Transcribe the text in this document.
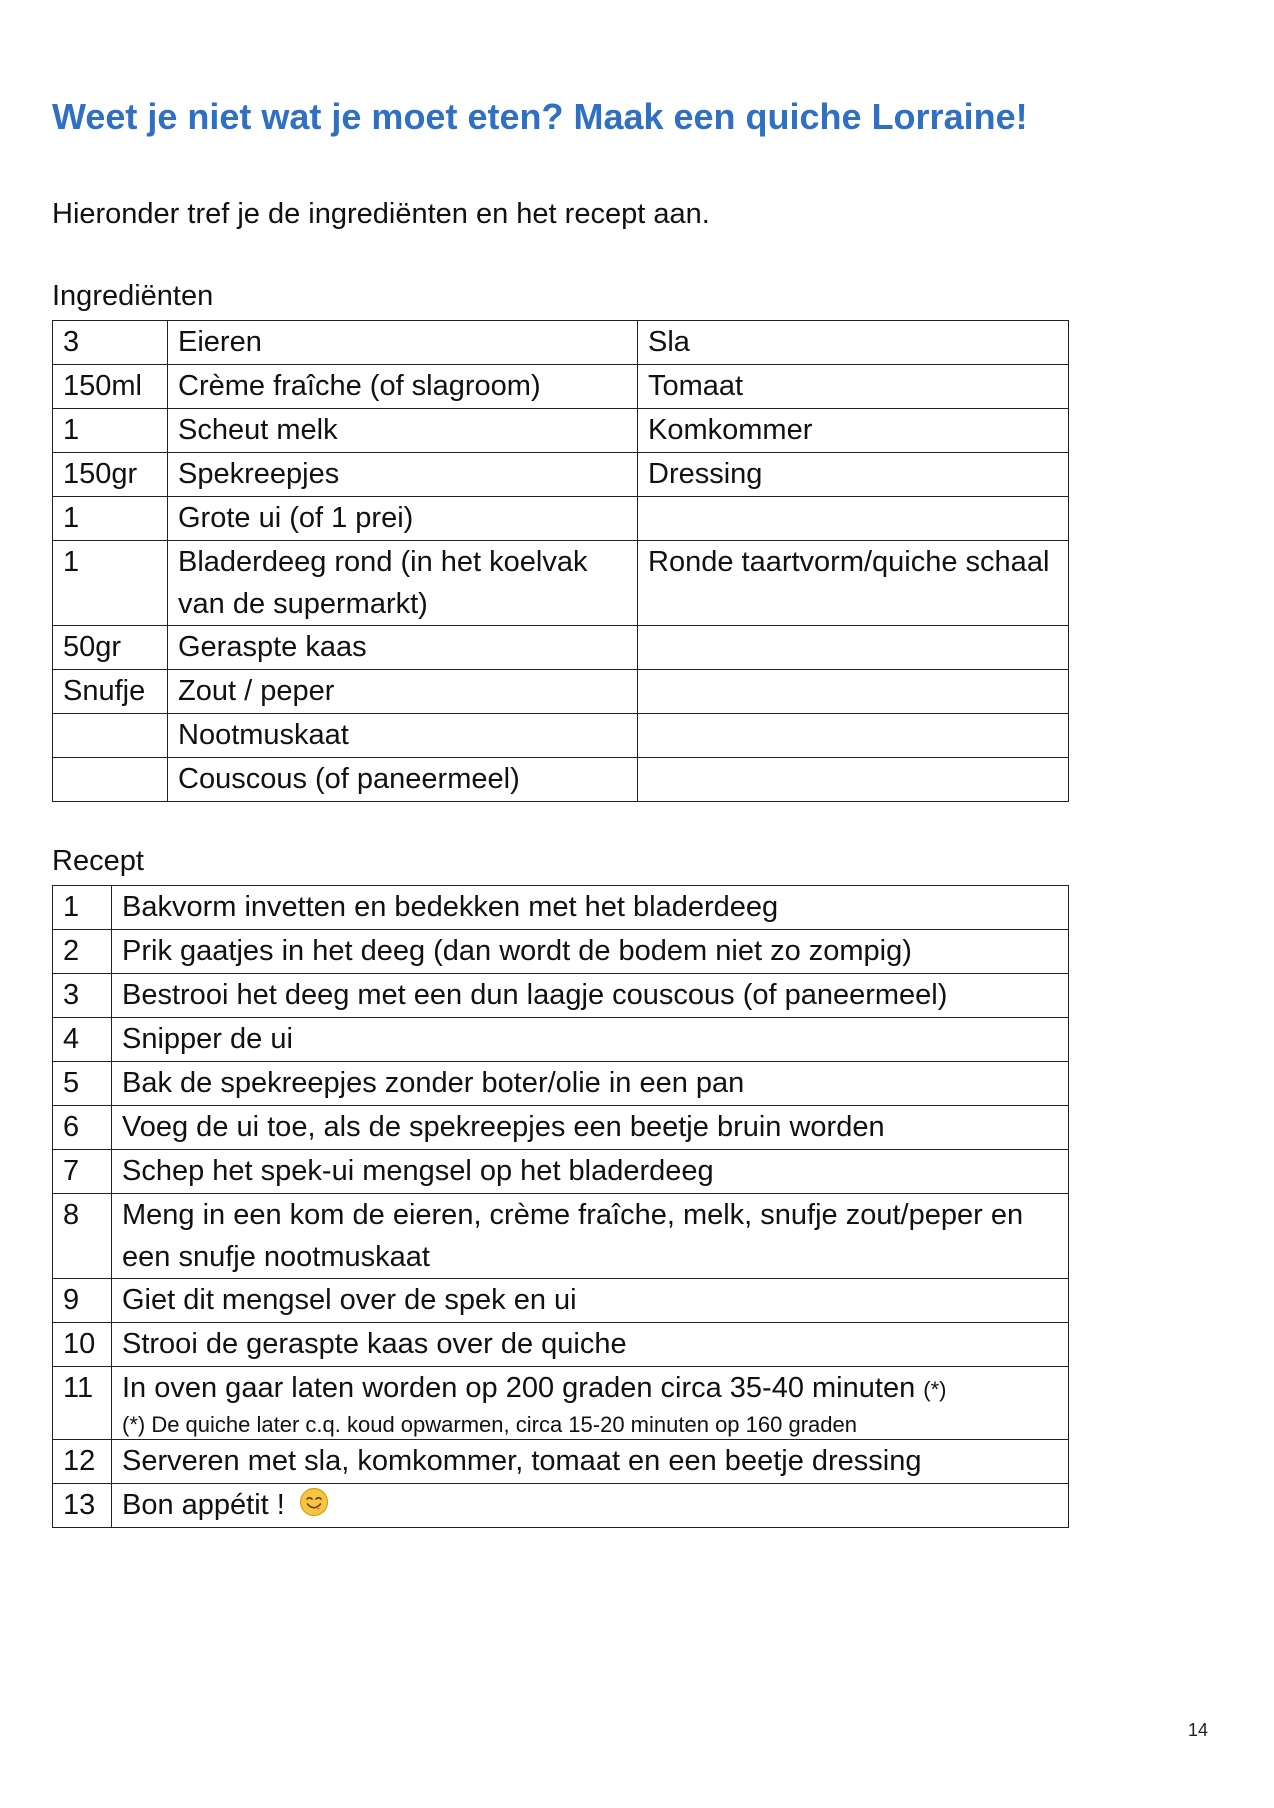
Weet je niet wat je moet eten? Maak een quiche Lorraine!

Hieronder tref je de ingrediënten en het recept aan.

Ingrediënten

3	Eieren	Sla
150ml	Crème fraîche (of slagroom)	Tomaat
1	Scheut melk	Komkommer
150gr	Spekreepjes	Dressing
1	Grote ui (of 1 prei)	
1	Bladerdeeg rond (in het koelvak van de supermarkt)	Ronde taartvorm/quiche schaal
50gr	Geraspte kaas	
Snufje	Zout / peper	
	Nootmuskaat	
	Couscous (of paneermeel)	

Recept

1	Bakvorm invetten en bedekken met het bladerdeeg
2	Prik gaatjes in het deeg (dan wordt de bodem niet zo zompig)
3	Bestrooi het deeg met een dun laagje couscous (of paneermeel)
4	Snipper de ui
5	Bak de spekreepjes zonder boter/olie in een pan
6	Voeg de ui toe, als de spekreepjes een beetje bruin worden
7	Schep het spek-ui mengsel op het bladerdeeg
8	Meng in een kom de eieren, crème fraîche, melk, snufje zout/peper en een snufje nootmuskaat
9	Giet dit mengsel over de spek en ui
10	Strooi de geraspte kaas over de quiche
11	In oven gaar laten worden op 200 graden circa 35-40 minuten (*)
(*) De quiche later c.q. koud opwarmen, circa 15-20 minuten op 160 graden

12	Serveren met sla, komkommer, tomaat en een beetje dressing
13	Bon appétit !
14
